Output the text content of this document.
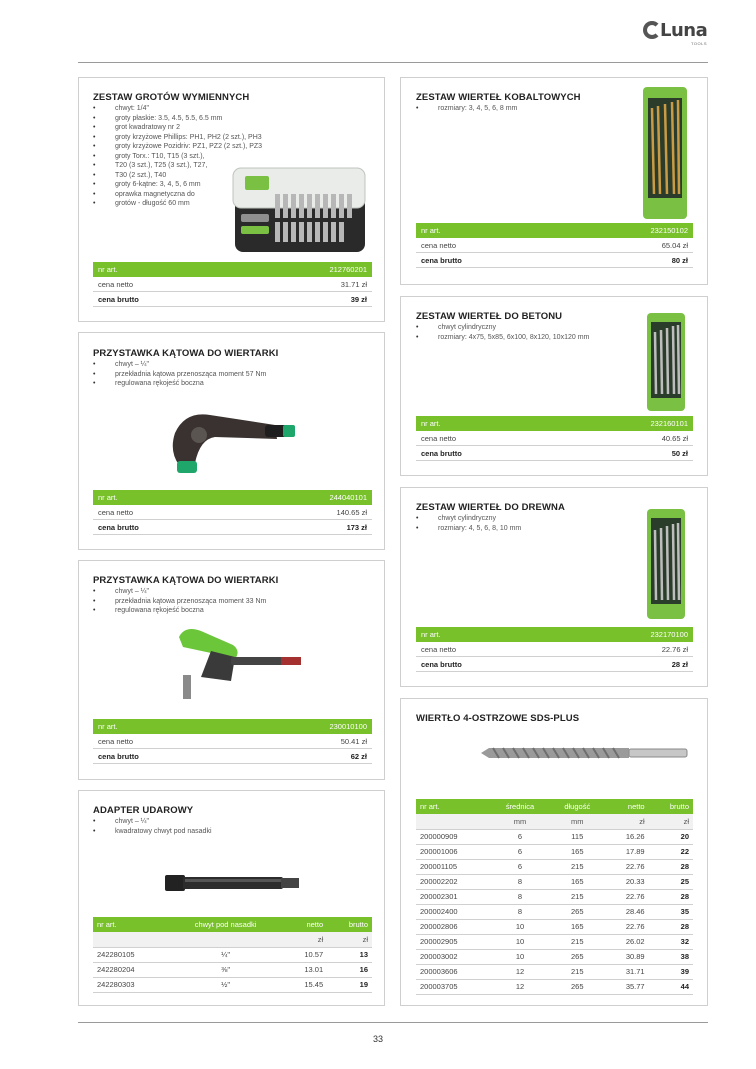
Luna
TOOLS
ZESTAW GROTÓW WYMIENNYCH
• chwyt: 1/4"
• groty płaskie: 3.5, 4.5, 5.5, 6.5 mm
• grot kwadratowy nr 2
• groty krzyżowe Phillips: PH1, PH2 (2 szt.), PH3
• groty krzyżowe Pozidriv: PZ1, PZ2 (2 szt.), PZ3
• groty Torx.: T10, T15 (3 szt.),
• T20 (3 szt.), T25 (3 szt.), T27,
• T30 (2 szt.), T40
• groty 6-kątne: 3, 4, 5, 6 mm
• oprawka magnetyczna do
• grotów - długość 60 mm
nr art.	212760201
cena netto	31.71 zł
cena brutto	39 zł
PRZYSTAWKA KĄTOWA DO WIERTARKI
• chwyt – ¼"
• przekładnia kątowa przenosząca moment 57 Nm
• regulowana rękojeść boczna
nr art.	244040101
cena netto	140.65 zł
cena brutto	173 zł
PRZYSTAWKA KĄTOWA DO WIERTARKI
• chwyt – ¼"
• przekładnia kątowa przenosząca moment 33 Nm
• regulowana rękojeść boczna
nr art.	230010100
cena netto	50.41 zł
cena brutto	62 zł
ADAPTER UDAROWY
• chwyt – ¼"
• kwadratowy chwyt pod nasadki
nr art.	chwyt pod nasadki	netto	brutto
		zł	zł
242280105	¼"	10.57	13
242280204	⅜"	13.01	16
242280303	½"	15.45	19
ZESTAW WIERTEŁ KOBALTOWYCH
• rozmiary: 3, 4, 5, 6, 8 mm
nr art.	232150102
cena netto	65.04 zł
cena brutto	80 zł
ZESTAW WIERTEŁ DO BETONU
• chwyt cylindryczny
• rozmiary: 4x75, 5x85, 6x100, 8x120, 10x120 mm
nr art.	232160101
cena netto	40.65 zł
cena brutto	50 zł
ZESTAW WIERTEŁ DO DREWNA
• chwyt cylindryczny
• rozmiary: 4, 5, 6, 8, 10 mm
nr art.	232170100
cena netto	22.76 zł
cena brutto	28 zł
WIERTŁO 4-OSTRZOWE SDS-PLUS
nr art.	średnica	długość	netto	brutto
	mm	mm	zł	zł
200000909	6	115	16.26	20
200001006	6	165	17.89	22
200001105	6	215	22.76	28
200002202	8	165	20.33	25
200002301	8	215	22.76	28
200002400	8	265	28.46	35
200002806	10	165	22.76	28
200002905	10	215	26.02	32
200003002	10	265	30.89	38
200003606	12	215	31.71	39
200003705	12	265	35.77	44
33
